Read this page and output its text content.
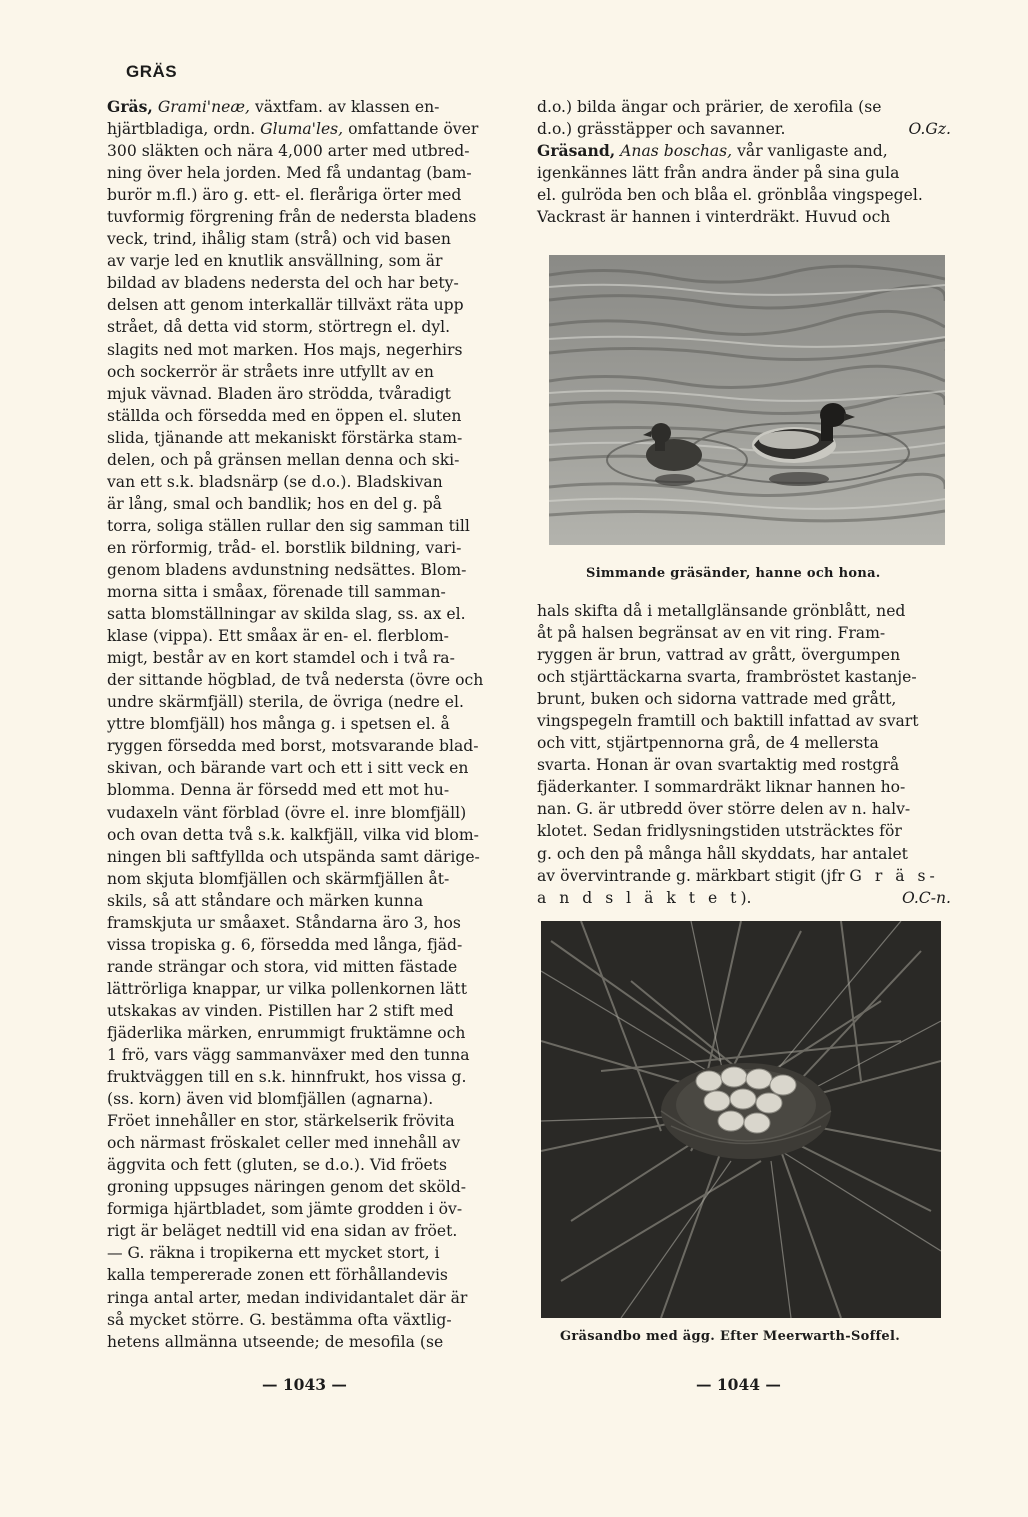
GRÄS

Gräs, Grami'neæ, växtfam. av klassen en-

hjärtbladiga, ordn. Gluma'les, omfattande över

300 släkten och nära 4,000 arter med utbred-

ning över hela jorden. Med få undantag (bam-

burör m.fl.) äro g. ett- el. fleråriga örter med

tuvformig förgrening från de nedersta bladens

veck, trind, ihålig stam (strå) och vid basen

av varje led en knutlik ansvällning, som är

bildad av bladens nedersta del och har bety-

delsen att genom interkallär tillväxt räta upp

strået, då detta vid storm, störtregn el. dyl.

slagits ned mot marken. Hos majs, negerhirs

och sockerrör är stråets inre utfyllt av en

mjuk vävnad. Bladen äro strödda, tvåradigt

ställda och försedda med en öppen el. sluten

slida, tjänande att mekaniskt förstärka stam-

delen, och på gränsen mellan denna och ski-

van ett s.k. bladsnärp (se d.o.). Bladskivan

är lång, smal och bandlik; hos en del g. på

torra, soliga ställen rullar den sig samman till

en rörformig, tråd- el. borstlik bildning, vari-

genom bladens avdunstning nedsättes. Blom-

morna sitta i småax, förenade till samman-

satta blomställningar av skilda slag, ss. ax el.

klase (vippa). Ett småax är en- el. flerblom-

migt, består av en kort stamdel och i två ra-

der sittande högblad, de två nedersta (övre och

undre skärmfjäll) sterila, de övriga (nedre el.

yttre blomfjäll) hos många g. i spetsen el. å

ryggen försedda med borst, motsvarande blad-

skivan, och bärande vart och ett i sitt veck en

blomma. Denna är försedd med ett mot hu-

vudaxeln vänt förblad (övre el. inre blomfjäll)

och ovan detta två s.k. kalkfjäll, vilka vid blom-

ningen bli saftfyllda och utspända samt därige-

nom skjuta blomfjällen och skärmfjällen åt-

skils, så att ståndare och märken kunna

framskjuta ur småaxet. Ståndarna äro 3, hos

vissa tropiska g. 6, försedda med långa, fjäd-

rande strängar och stora, vid mitten fästade

lättrörliga knappar, ur vilka pollenkornen lätt

utskakas av vinden. Pistillen har 2 stift med

fjäderlika märken, enrummigt fruktämne och

1 frö, vars vägg sammanväxer med den tunna

fruktväggen till en s.k. hinnfrukt, hos vissa g.

(ss. korn) även vid blomfjällen (agnarna).

Fröet innehåller en stor, stärkelserik frövita

och närmast fröskalet celler med innehåll av

äggvita och fett (gluten, se d.o.). Vid fröets

groning uppsuges näringen genom det sköld-

formiga hjärtbladet, som jämte grodden i öv-

rigt är beläget nedtill vid ena sidan av fröet.

— G. räkna i tropikerna ett mycket stort, i

kalla tempererade zonen ett förhållandevis

ringa antal arter, medan individantalet där är

så mycket större. G. bestämma ofta växtlig-

hetens allmänna utseende; de mesofila (se

d.o.) bilda ängar och prärier, de xerofila (se

d.o.) grässtäpper och savanner.	O.Gz.

Gräsand, Anas boschas, vår vanligaste and,

igenkännes lätt från andra änder på sina gula

el. gulröda ben och blåa el. grönblåa vingspegel.

Vackrast är hannen i vinterdräkt. Huvud och

Simmande gräsänder, hanne och hona.

hals skifta då i metallglänsande grönblått, ned

åt på halsen begränsat av en vit ring. Fram-

ryggen är brun, vattrad av grått, övergumpen

och stjärttäckarna svarta, frambröstet kastanje-

brunt, buken och sidorna vattrade med grått,

vingspegeln framtill och baktill infattad av svart

och vitt, stjärtpennorna grå, de 4 mellersta

svarta. Honan är ovan svartaktig med rostgrå

fjäderkanter. I sommardräkt liknar hannen ho-

nan. G. är utbredd över större delen av n. halv-

klotet. Sedan fridlysningstiden utsträcktes för

g. och den på många håll skyddats, har antalet

av övervintrande g. märkbart stigit (jfr G r ä s-

a n d s l ä k t e t).	O.C-n.

Gräsandbo med ägg. Efter Meerwarth-Soffel.
— 1043 —	— 1044 —
